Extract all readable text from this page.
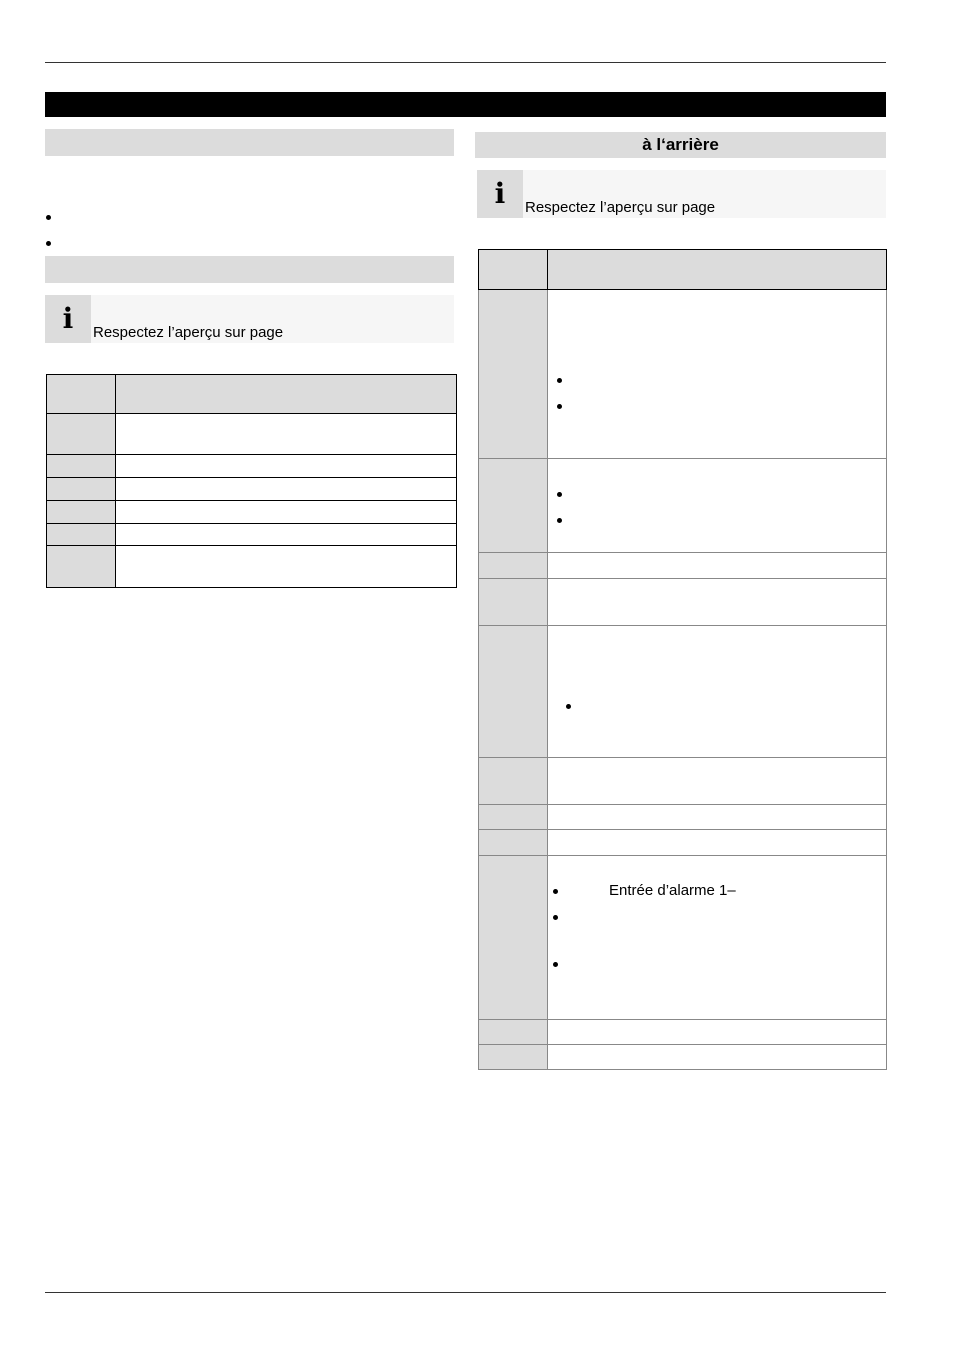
i Respectez l’aperçu sur page

à l‘arrière
i Respectez l’aperçu sur page

	Entrée d’alarme 1–
